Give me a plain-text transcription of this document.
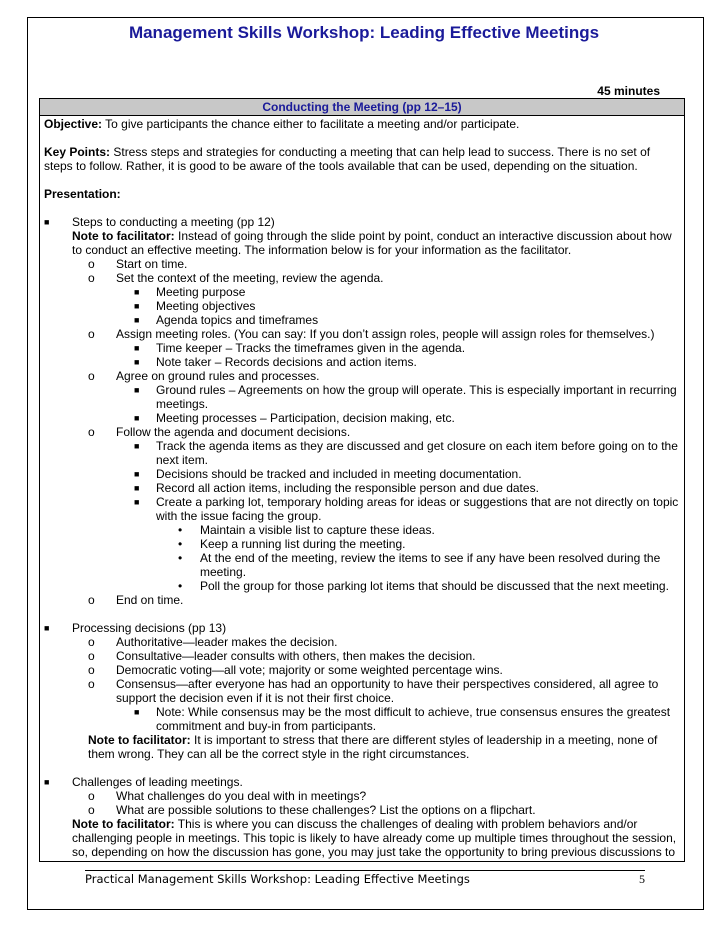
Management Skills Workshop: Leading Effective Meetings
45 minutes
Conducting the Meeting (pp 12–15)

Objective: To give participants the chance either to facilitate a meeting and/or participate.

Key Points: Stress steps and strategies for conducting a meeting that can help lead to success. There is no set of steps to follow. Rather, it is good to be aware of the tools available that can be used, depending on the situation.

Presentation:

■ Steps to conducting a meeting (pp 12)
Note to facilitator: Instead of going through the slide point by point, conduct an interactive discussion about how to conduct an effective meeting. The information below is for your information as the facilitator.
o Start on time.
o Set the context of the meeting, review the agenda.
■ Meeting purpose
■ Meeting objectives
■ Agenda topics and timeframes
o Assign meeting roles. (You can say: If you don’t assign roles, people will assign roles for themselves.)
■ Time keeper – Tracks the timeframes given in the agenda.
■ Note taker – Records decisions and action items.
o Agree on ground rules and processes.
■ Ground rules – Agreements on how the group will operate. This is especially important in recurring meetings.
■ Meeting processes – Participation, decision making, etc.
o Follow the agenda and document decisions.
■ Track the agenda items as they are discussed and get closure on each item before going on to the next item.
■ Decisions should be tracked and included in meeting documentation.
■ Record all action items, including the responsible person and due dates.
■ Create a parking lot, temporary holding areas for ideas or suggestions that are not directly on topic with the issue facing the group.
• Maintain a visible list to capture these ideas.
• Keep a running list during the meeting.
• At the end of the meeting, review the items to see if any have been resolved during the meeting.
• Poll the group for those parking lot items that should be discussed that the next meeting.
o End on time.
■ Processing decisions (pp 13)
o Authoritative—leader makes the decision.
o Consultative—leader consults with others, then makes the decision.
o Democratic voting—all vote; majority or some weighted percentage wins.
o Consensus—after everyone has had an opportunity to have their perspectives considered, all agree to support the decision even if it is not their first choice.
■ Note: While consensus may be the most difficult to achieve, true consensus ensures the greatest commitment and buy-in from participants.
Note to facilitator: It is important to stress that there are different styles of leadership in a meeting, none of them wrong. They can all be the correct style in the right circumstances.
■ Challenges of leading meetings.
o What challenges do you deal with in meetings?
o What are possible solutions to these challenges? List the options on a flipchart.
Note to facilitator: This is where you can discuss the challenges of dealing with problem behaviors and/or challenging people in meetings. This topic is likely to have already come up multiple times throughout the session, so, depending on how the discussion has gone, you may just take the opportunity to bring previous discussions to
Practical Management Skills Workshop: Leading Effective Meetings	5
